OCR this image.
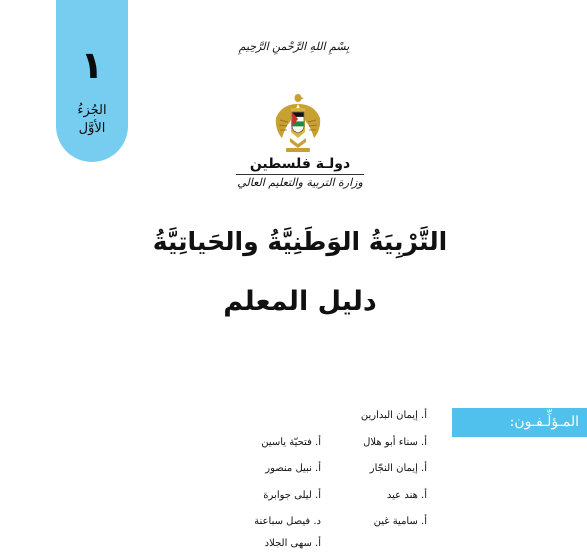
١
الجُزءُ
الأوَّل
بِسْمِ اللهِ الرَّحْمنِ الرَّحِيمِ
دولـة فلسطين
وزارة التربية والتعليم العالي
التَّرْبِيَةُ الوَطَنِيَّةُ والحَياتِيَّةُ
دليل المعلم
المـؤلِّـفـون:
أ. إيمان البدارين
أ. سناء أبو هلال
أ. إيمان النجّار
أ. هند عيد
أ. سامية غين
أ. فتحيّة ياسين
أ. نبيل منصور
أ. ليلى جوابرة
د. فيصل سباعنة
أ. سهى الجلاد
